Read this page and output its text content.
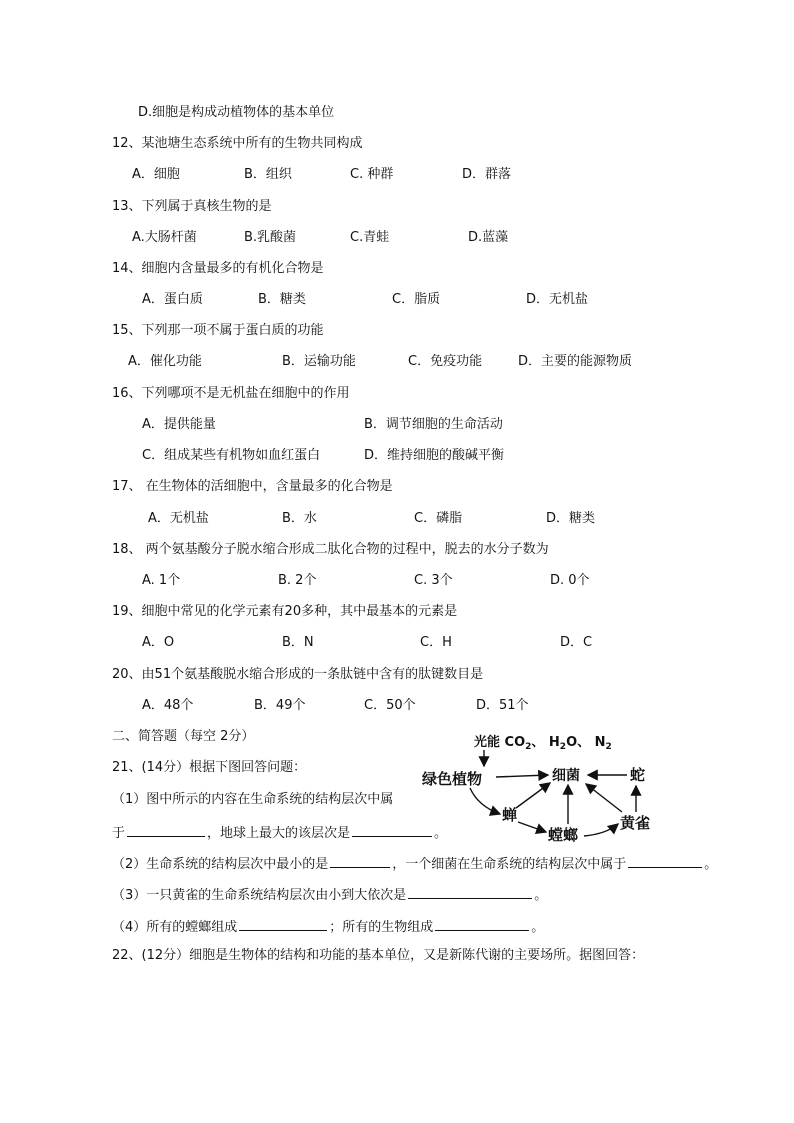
D.细胞是构成动植物体的基本单位
12、某池塘生态系统中所有的生物共同构成
A．细胞	B．组织	C. 种群	D．群落
13、下列属于真核生物的是
A.大肠杆菌	B.乳酸菌	C.青蛙	D.蓝藻
14、细胞内含量最多的有机化合物是
A．蛋白质	B．糖类	C．脂质	D．无机盐
15、下列那一项不属于蛋白质的功能
A．催化功能	B．运输功能	C．免疫功能	D．主要的能源物质
16、下列哪项不是无机盐在细胞中的作用
A．提供能量	B．调节细胞的生命活动
C．组成某些有机物如血红蛋白	D．维持细胞的酸碱平衡
17、 在生物体的活细胞中，含量最多的化合物是
A．无机盐	B．水	C．磷脂	D．糖类
18、 两个氨基酸分子脱水缩合形成二肽化合物的过程中，脱去的水分子数为
A. 1个	B. 2个	C. 3个	D. 0个
19、细胞中常见的化学元素有20多种，其中最基本的元素是
A．O	B．N	C．H	D．C
20、由51个氨基酸脱水缩合形成的一条肽链中含有的肽键数目是
A．48个	B．49个	C．50个	D．51个
二、简答题（每空 2分）
21、(14分）根据下图回答问题：
（1）图中所示的内容在生命系统的结构层次中属
于	，地球上最大的该层次是	。
（2）生命系统的结构层次中最小的是	，一个细菌在生命系统的结构层次中属于	。
（3）一只黄雀的生命系统结构层次由小到大依次是	。
（4）所有的螳螂组成	；所有的生物组成	。
22、(12分）细胞是生物体的结构和功能的基本单位，又是新陈代谢的主要场所。据图回答：
光能 $CO_2$、 $H_2O$、 $N_2$
绿色植物	细菌	蛇
蝉
螳螂
黄雀
